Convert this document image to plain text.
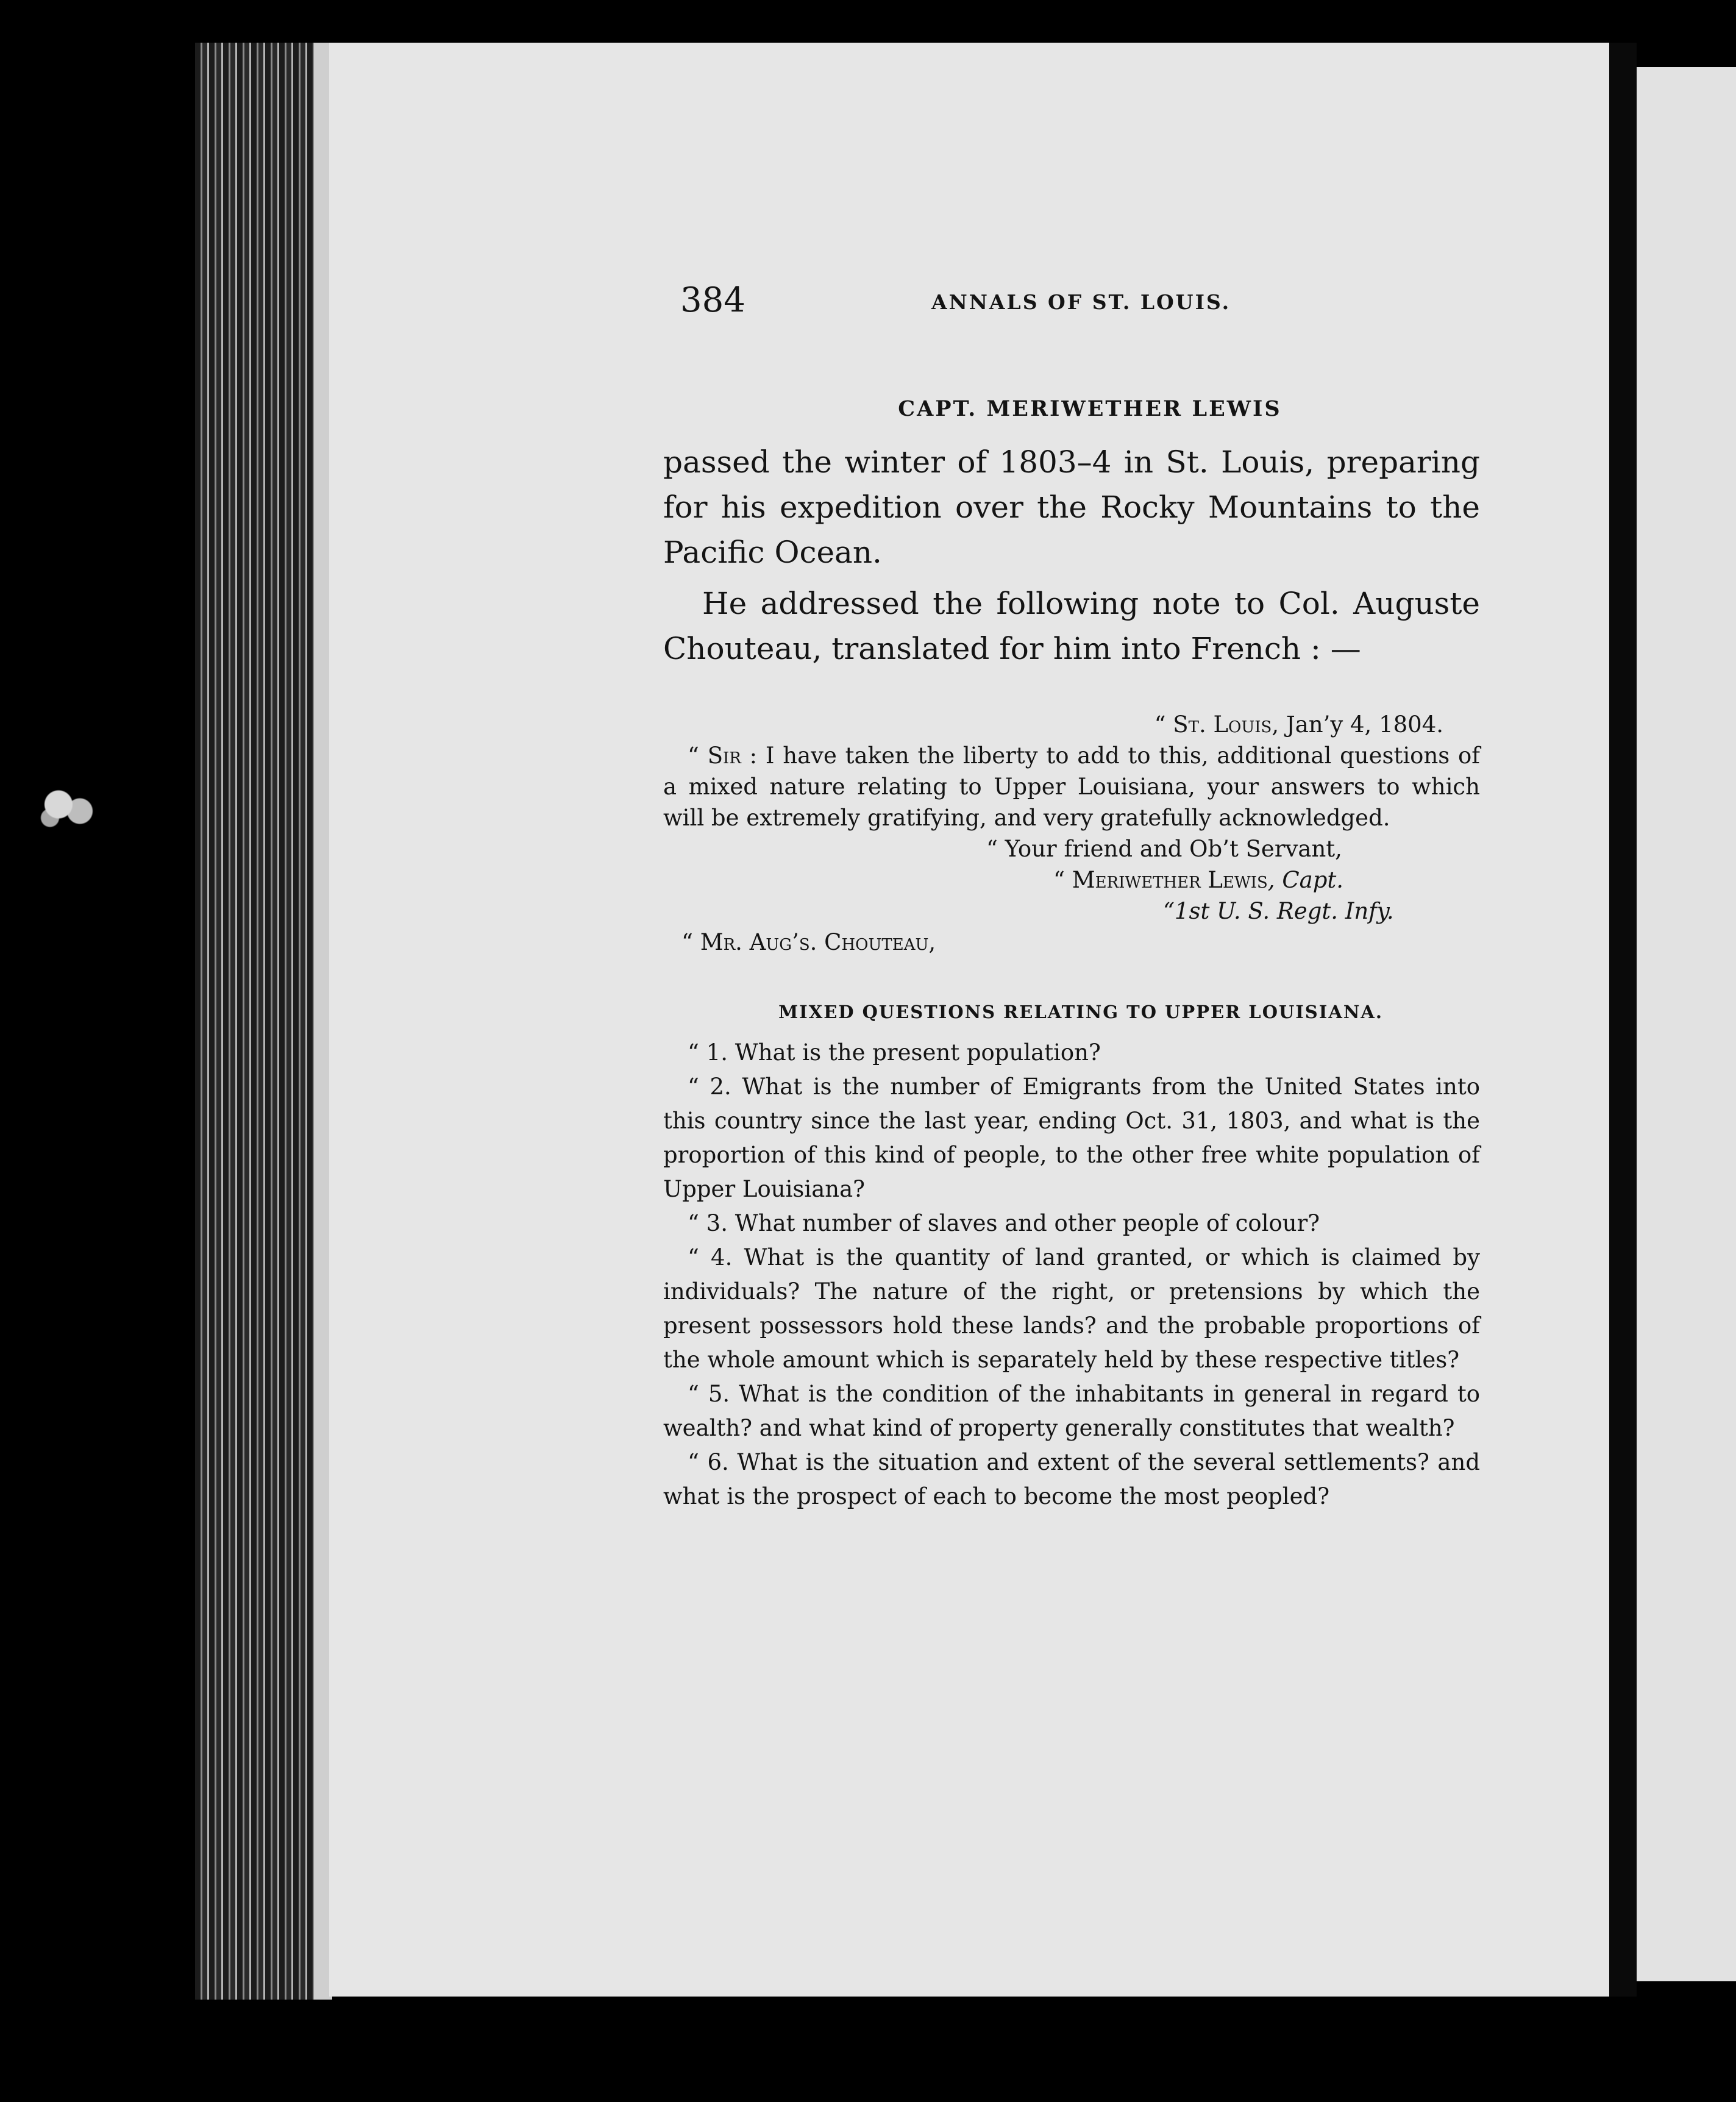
384	ANNALS OF ST. LOUIS.
CAPT. MERIWETHER LEWIS

passed the winter of 1803–4 in St. Louis, preparing for his expedition over the Rocky Mountains to the Pacific Ocean.

He addressed the following note to Col. Auguste Chouteau, translated for him into French : —

“ St. Louis, Jan’y 4, 1804.

“ Sir : I have taken the liberty to add to this, additional questions of a mixed nature relating to Upper Louisiana, your answers to which will be extremely gratifying, and very gratefully acknowledged.

“ Your friend and Ob’t Servant,
“ Meriwether Lewis, Capt.
“1st U. S. Regt. Infy.
“ Mr. Aug’s. Chouteau,
MIXED QUESTIONS RELATING TO UPPER LOUISIANA.

“ 1. What is the present population?

“ 2. What is the number of Emigrants from the United States into this country since the last year, ending Oct. 31, 1803, and what is the proportion of this kind of people, to the other free white population of Upper Louisiana?

“ 3. What number of slaves and other people of colour?

“ 4. What is the quantity of land granted, or which is claimed by individuals? The nature of the right, or pretensions by which the present possessors hold these lands? and the probable proportions of the whole amount which is separately held by these respective titles?

“ 5. What is the condition of the inhabitants in general in regard to wealth? and what kind of property generally constitutes that wealth?

“ 6. What is the situation and extent of the several settlements? and what is the prospect of each to become the most peopled?
